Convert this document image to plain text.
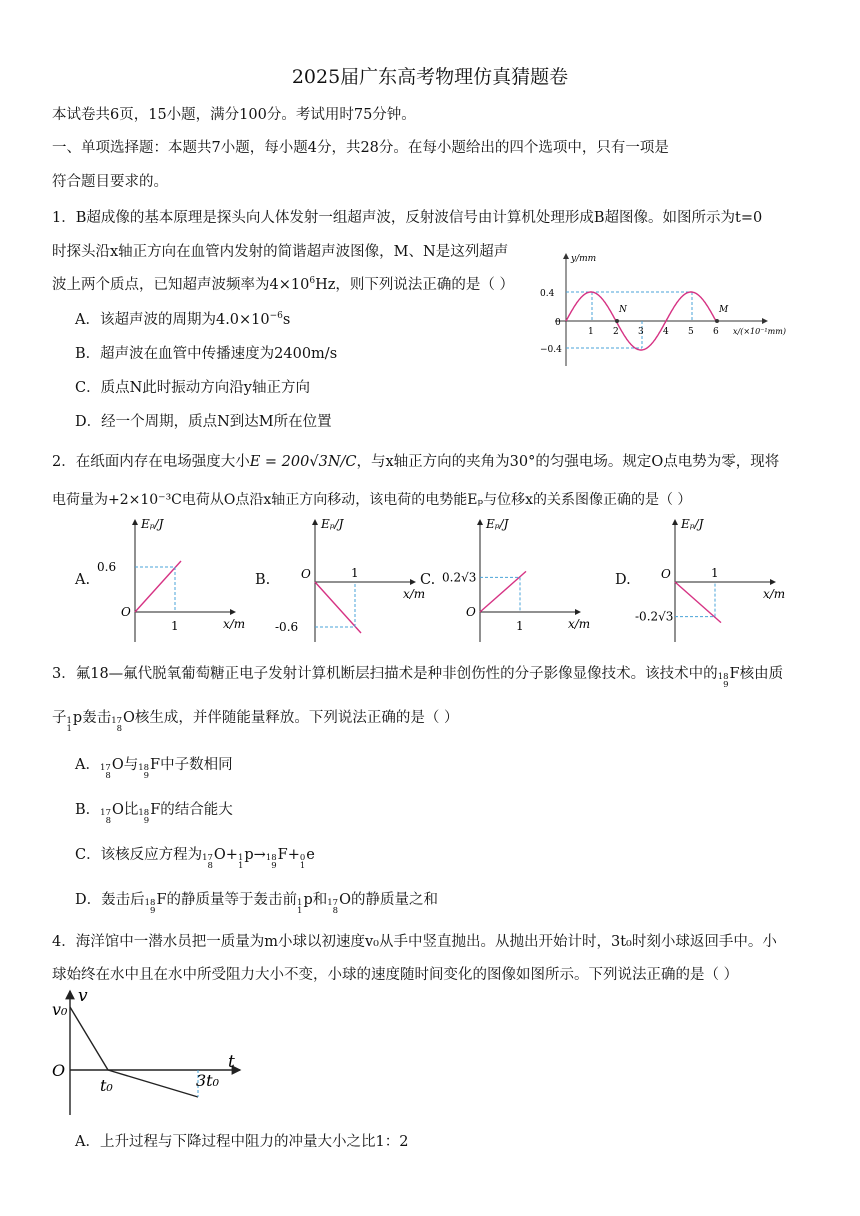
2025届广东高考物理仿真猜题卷
本试卷共6页，15小题，满分100分。考试用时75分钟。
一、单项选择题：本题共7小题，每小题4分，共28分。在每小题给出的四个选项中，只有一项是
符合题目要求的。
1．B超成像的基本原理是探头向人体发射一组超声波，反射波信号由计算机处理形成B超图像。如图所示为t=0
时探头沿x轴正方向在血管内发射的简谐超声波图像，M、N是这列超声
波上两个质点，已知超声波频率为$4\times 10^6Hz$，则下列说法正确的是（ ）
A．该超声波的周期为$4.0\times 10^{-6}s$
B．超声波在血管中传播速度为2400m/s
C．质点N此时振动方向沿y轴正方向
D．经一个周期，质点N到达M所在位置
y/mm
0.4
0
−0.4
1 2 3 4 5 6
N	M
x/(×10⁻¹mm)
2．在纸面内存在电场强度大小E = 200√3N/C，与x轴正方向的夹角为30°的匀强电场。规定O点电势为零，现将
电荷量为+2×10⁻³C电荷从O点沿x轴正方向移动，该电荷的电势能Eₚ与位移x的关系图像正确的是（ ）
A.
Eₚ/J
O
1
0.6
x/m
B.
Eₚ/J
O	1
-0.6
x/m
C.
Eₚ/J
O
1
0.2√3
x/m
D.
Eₚ/J
O	1
-0.2√3
x/m
3．氟18—氟代脱氧葡萄糖正电子发射计算机断层扫描术是种非创伤性的分子影像显像技术。该技术中的 18
9
F核由质
子 1
1
p轰击 17
8
O核生成，并伴随能量释放。下列说法正确的是（ ）
A． 17
8
O与 18
9
F中子数相同
B． 17
8
O比 18
9
F的结合能大
C．该核反应方程为 17
8
O+ 1
1
p→ 18
9
F+ 0
1
e
D．轰击后 18
9
F的静质量等于轰击前 1
1
p和 17
8
O的静质量之和
4．海洋馆中一潜水员把一质量为m小球以初速度v₀从手中竖直抛出。从抛出开始计时，3t₀时刻小球返回手中。小
球始终在水中且在水中所受阻力大小不变，小球的速度随时间变化的图像如图所示。下列说法正确的是（ ）
v
v₀
O
t₀	3t₀
t
A．上升过程与下降过程中阻力的冲量大小之比1：2
